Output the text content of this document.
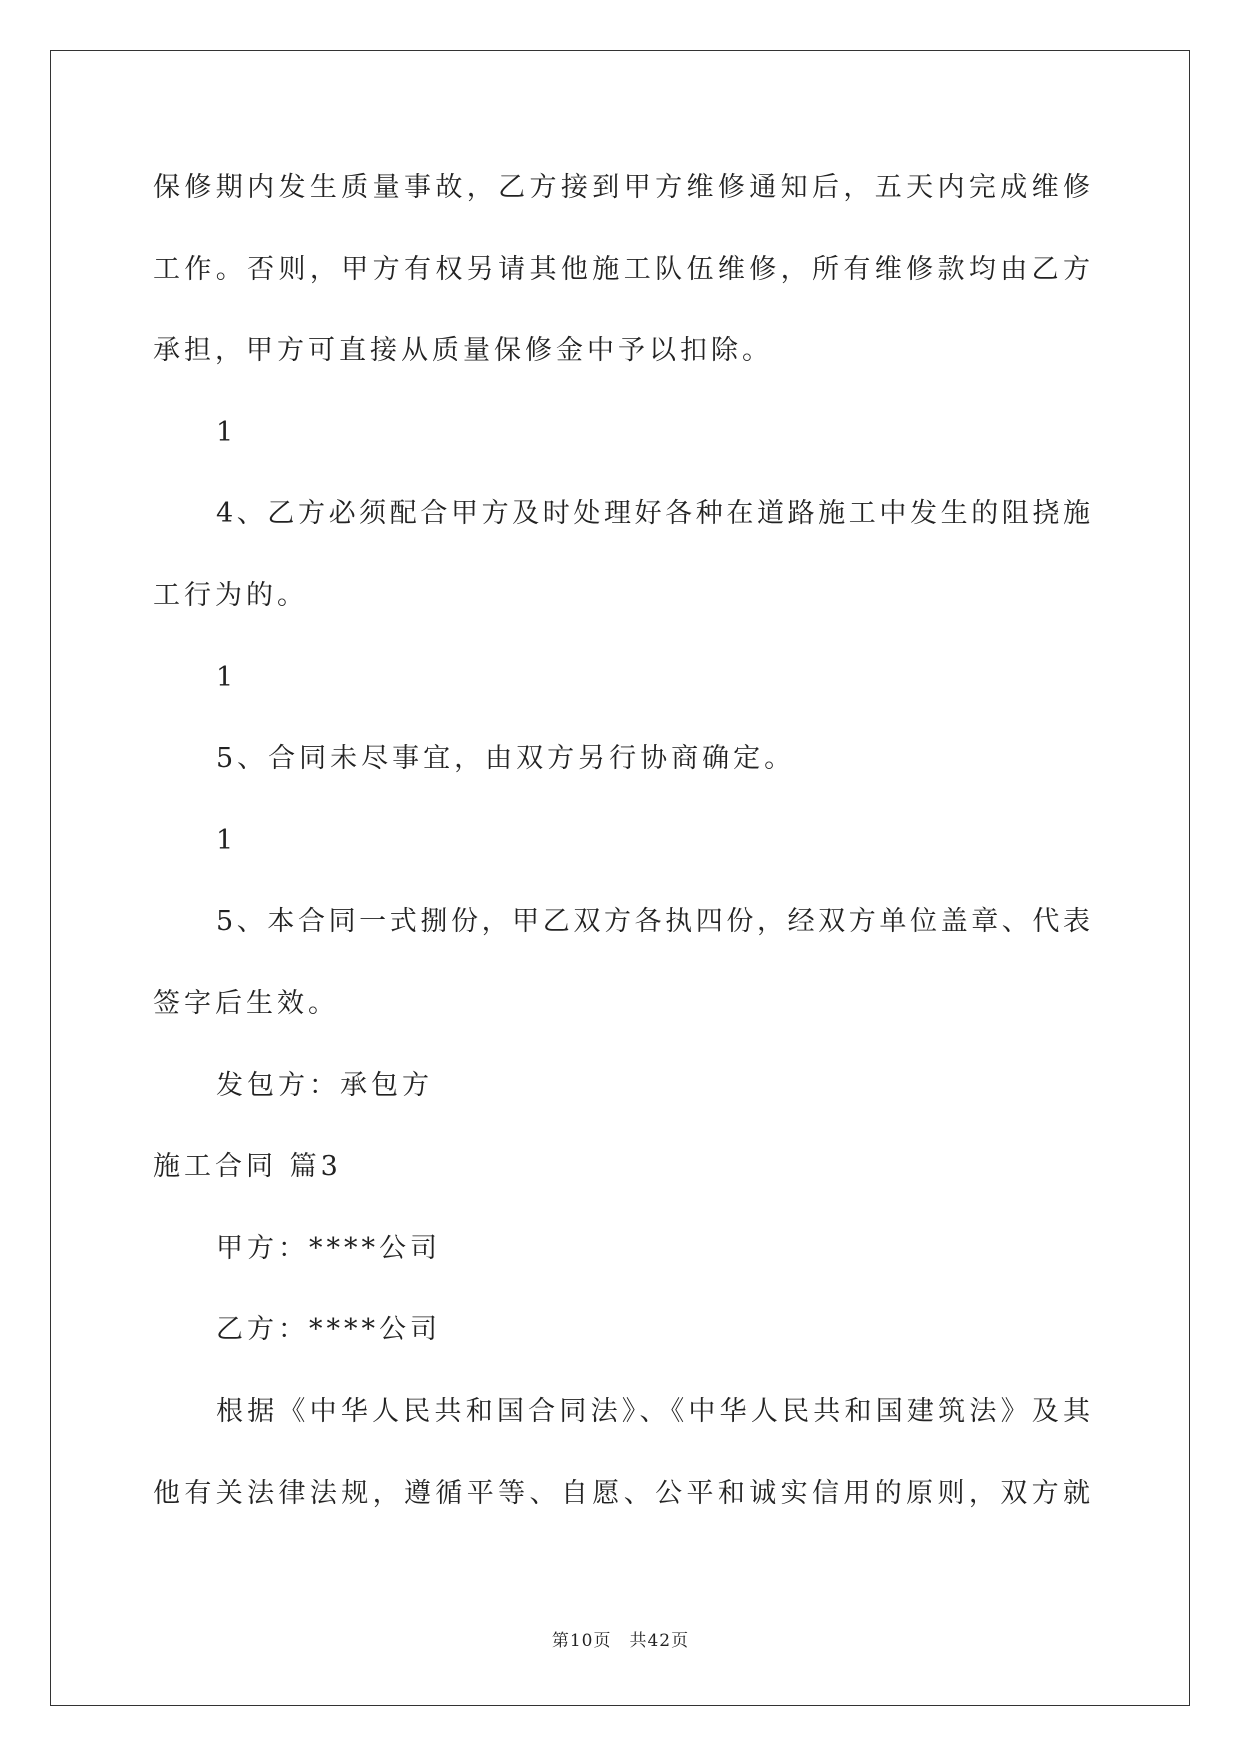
保修期内发生质量事故，乙方接到甲方维修通知后，五天内完成维修
工作。否则，甲方有权另请其他施工队伍维修，所有维修款均由乙方
承担，甲方可直接从质量保修金中予以扣除。
1
4、乙方必须配合甲方及时处理好各种在道路施工中发生的阻挠施
工行为的。
1
5、合同未尽事宜，由双方另行协商确定。
1
5、本合同一式捌份，甲乙双方各执四份，经双方单位盖章、代表
签字后生效。
发包方：承包方
施工合同 篇3
甲方：****公司
乙方：****公司
根据《中华人民共和国合同法》、《中华人民共和国建筑法》及其
他有关法律法规，遵循平等、自愿、公平和诚实信用的原则，双方就
第10页　共42页
